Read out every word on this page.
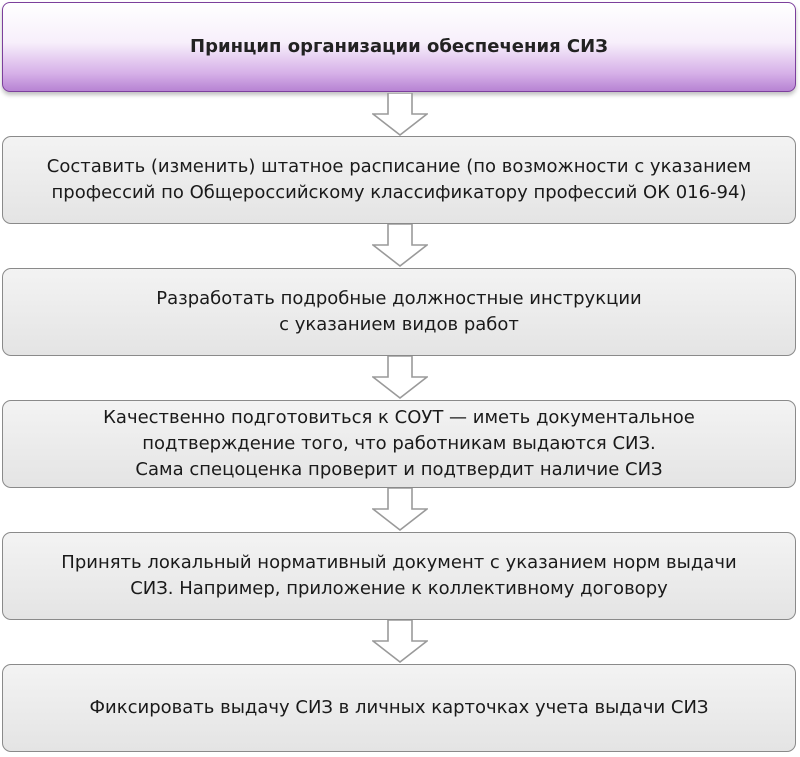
Принцип организации обеспечения СИЗ
Составить (изменить) штатное расписание (по возможности с указанием
профессий по Общероссийскому классификатору профессий ОК 016-94)
Разработать подробные должностные инструкции
с указанием видов работ
Качественно подготовиться к СОУТ — иметь документальное
подтверждение того, что работникам выдаются СИЗ.
Сама спецоценка проверит и подтвердит наличие СИЗ
Принять локальный нормативный документ с указанием норм выдачи
СИЗ. Например, приложение к коллективному договору
Фиксировать выдачу СИЗ в личных карточках учета выдачи СИЗ
